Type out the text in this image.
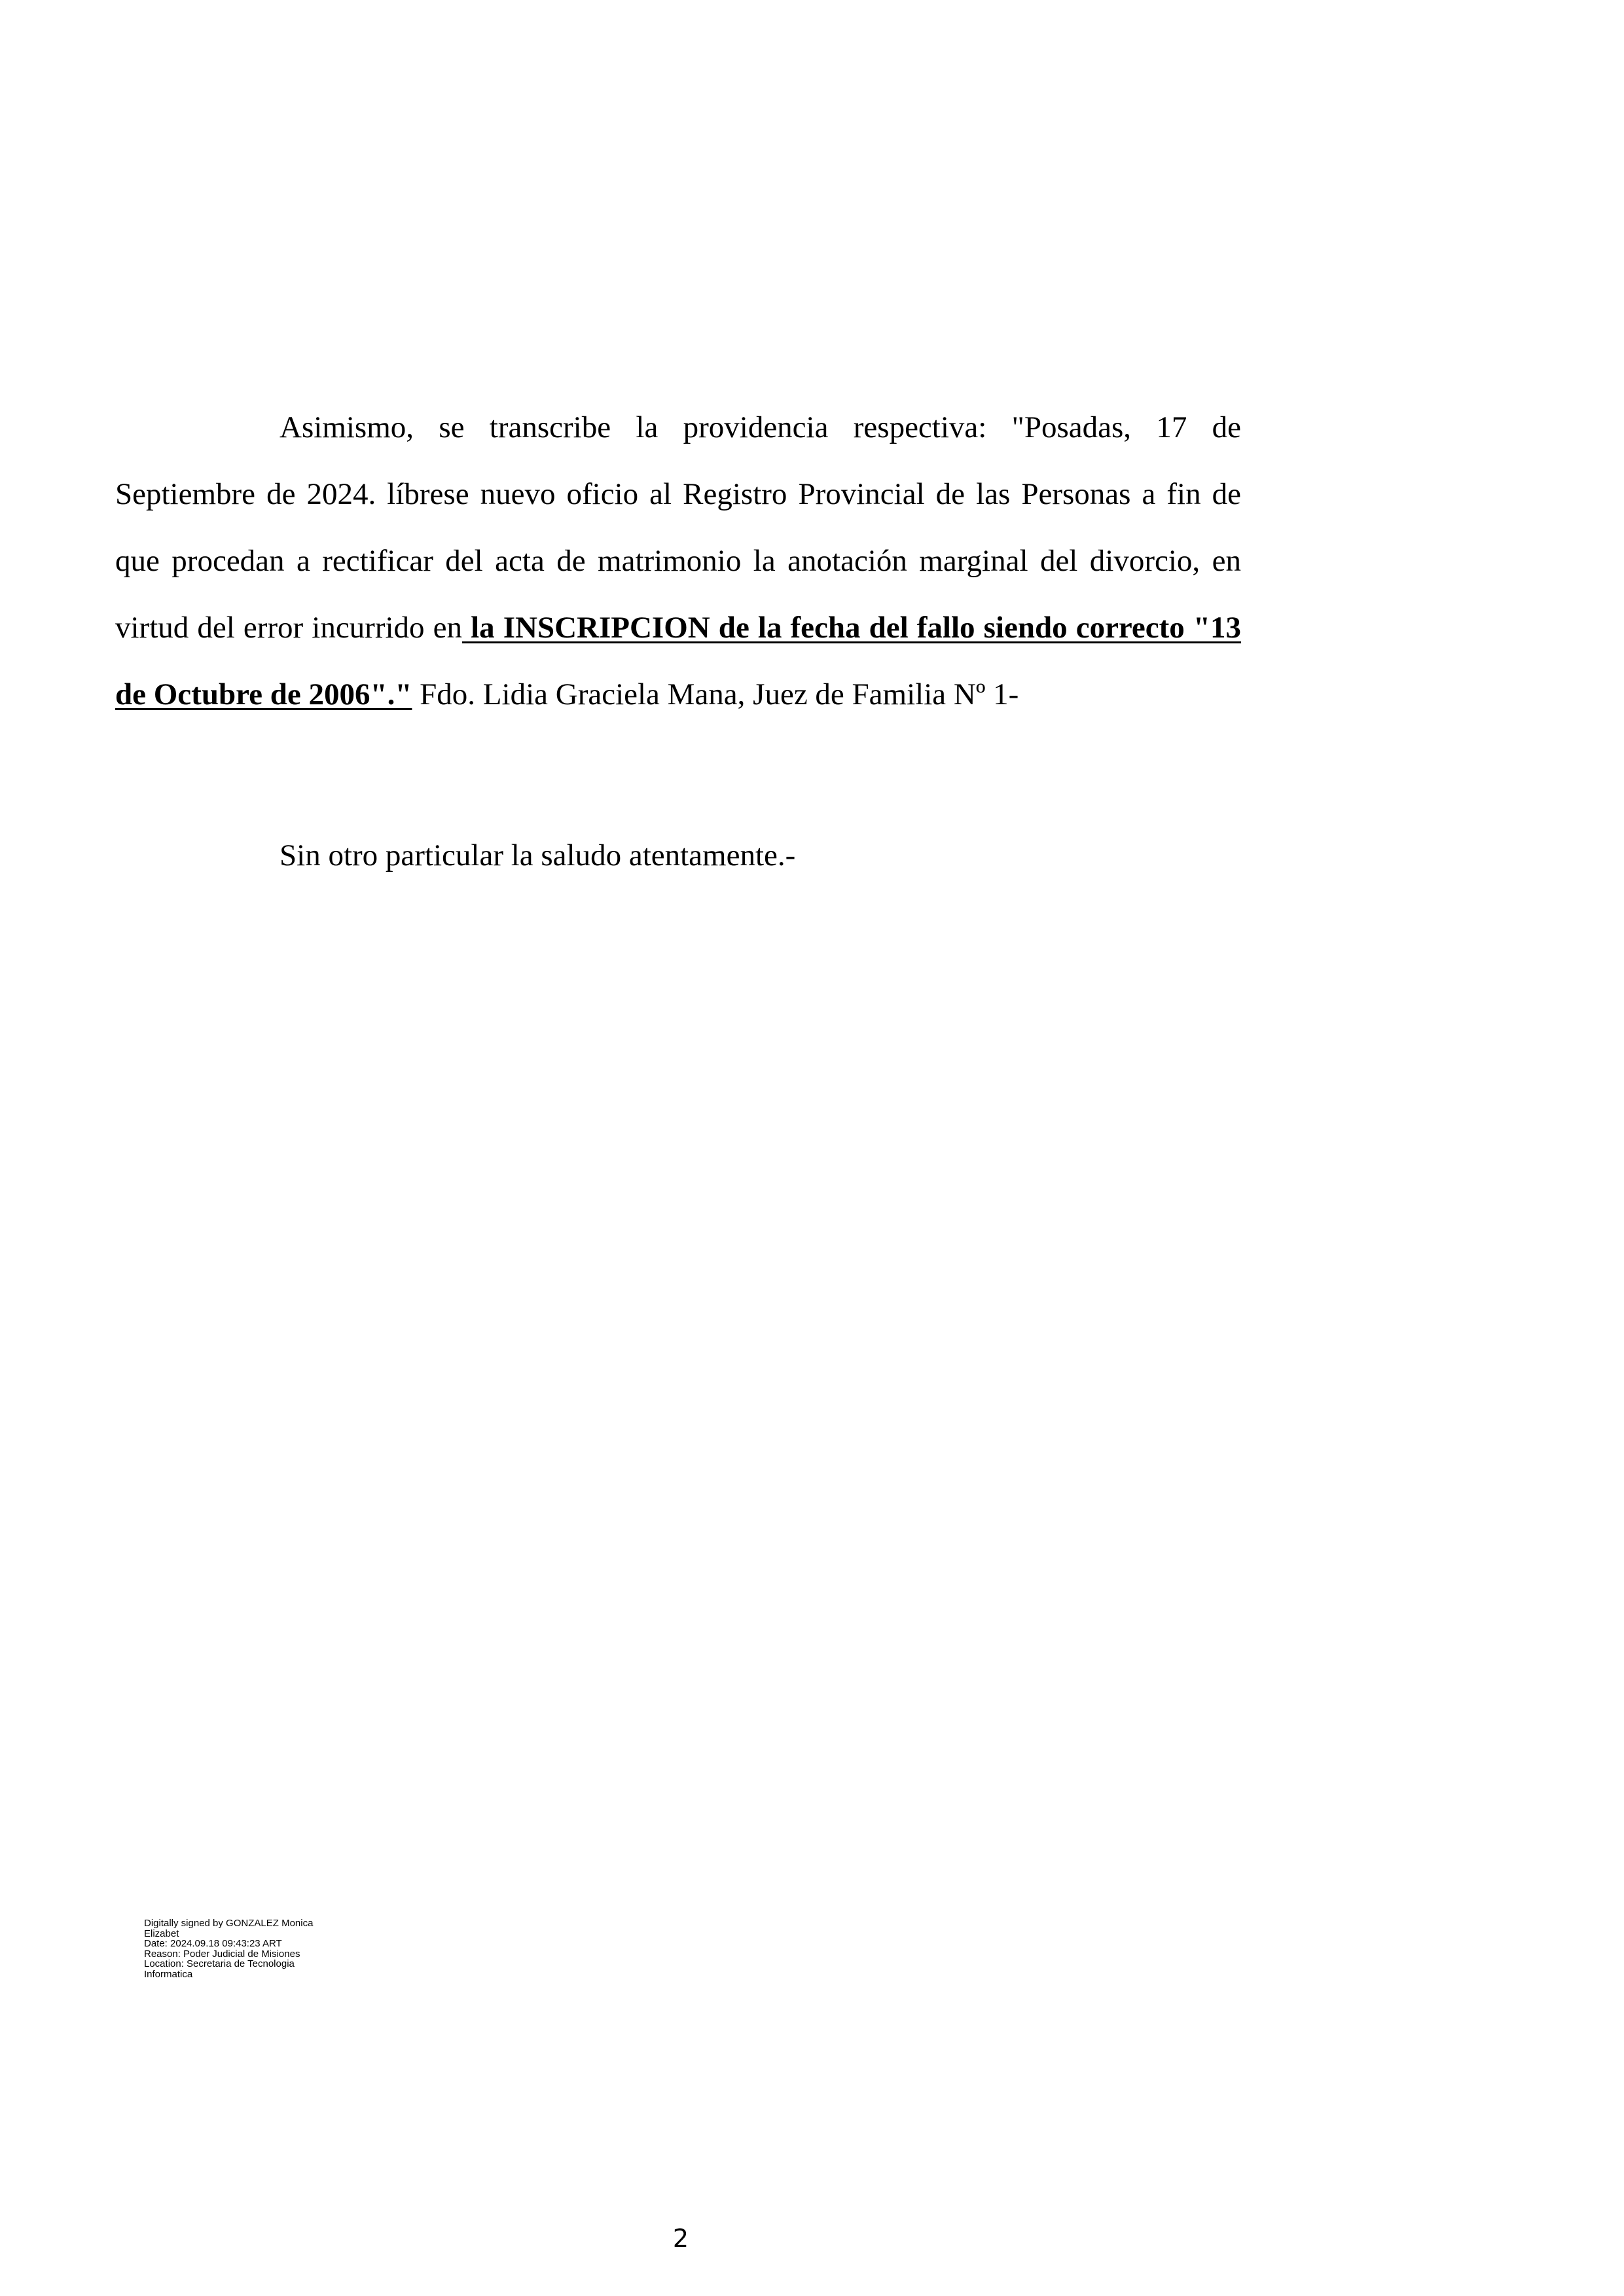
Asimismo, se transcribe la providencia respectiva: "Posadas, 17 de Septiembre de 2024. líbrese nuevo oficio al Registro Provincial de las Personas a fin de que procedan a rectificar del acta de matrimonio la anotación marginal del divorcio, en virtud del error incurrido en la INSCRIPCION de la fecha del fallo siendo correcto "13 de Octubre de 2006"." Fdo. Lidia Graciela Mana, Juez de Familia Nº 1-

Sin otro particular la saludo atentamente.-

Digitally signed by GONZALEZ Monica
Elizabet
Date: 2024.09.18 09:43:23 ART
Reason: Poder Judicial de Misiones
Location: Secretaria de Tecnologia
Informatica
2
